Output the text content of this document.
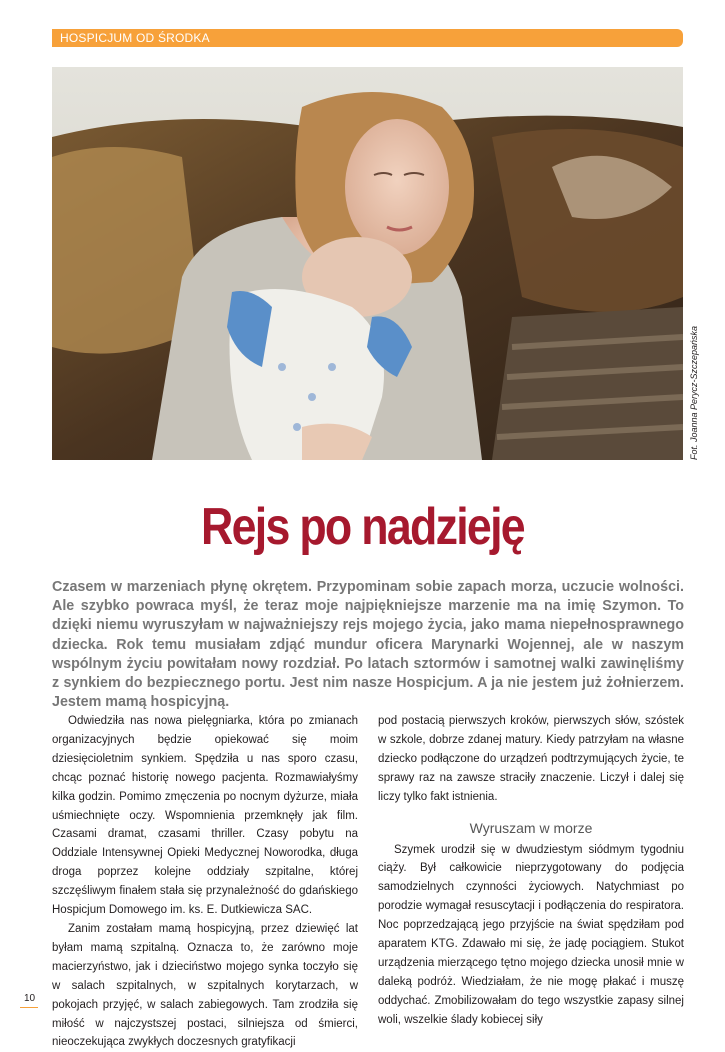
HOSPICJUM OD ŚRODKA
Fot. Joanna Perycz-Szczepańska
Rejs po nadzieję
Czasem w marzeniach płynę okrętem. Przypominam sobie zapach morza, uczucie wolności. Ale szybko powraca myśl, że teraz moje najpiękniejsze marzenie ma na imię Szymon. To dzięki niemu wyruszyłam w najważniejszy rejs mojego życia, jako mama niepełnosprawnego dziecka. Rok temu musiałam zdjąć mundur oficera Marynarki Wojennej, ale w naszym wspólnym życiu powitałam nowy rozdział. Po latach sztormów i samotnej walki zawinęliśmy z synkiem do bezpiecznego portu. Jest nim nasze Hospicjum. A ja nie jestem już żołnierzem. Jestem mamą hospicyjną.

Odwiedziła nas nowa pielęgniarka, która po zmianach organizacyjnych będzie opiekować się moim dziesięcioletnim synkiem. Spędziła u nas sporo czasu, chcąc poznać historię nowego pacjenta. Rozmawiałyśmy kilka godzin. Pomimo zmęczenia po nocnym dyżurze, miała uśmiechnięte oczy. Wspomnienia przemknęły jak film. Czasami dramat, czasami thriller. Czasy pobytu na Oddziale Intensywnej Opieki Medycznej Noworodka, długa droga poprzez kolejne oddziały szpitalne, której szczęśliwym finałem stała się przynależność do gdańskiego Hospicjum Domowego im. ks. E. Dutkiewicza SAC.

Zanim zostałam mamą hospicyjną, przez dziewięć lat byłam mamą szpitalną. Oznacza to, że zarówno moje macierzyństwo, jak i dzieciństwo mojego synka toczyło się w salach szpitalnych, w szpitalnych korytarzach, w pokojach przyjęć, w salach zabiegowych. Tam zrodziła się miłość w najczystszej postaci, silniejsza od śmierci, nieoczekująca zwykłych doczesnych gratyfikacji

pod postacią pierwszych kroków, pierwszych słów, szóstek w szkole, dobrze zdanej matury. Kiedy patrzyłam na własne dziecko podłączone do urządzeń podtrzymujących życie, te sprawy raz na zawsze straciły znaczenie. Liczył i dalej się liczy tylko fakt istnienia.

Wyruszam w morze

Szymek urodził się w dwudziestym siódmym tygodniu ciąży. Był całkowicie nieprzygotowany do podjęcia samodzielnych czynności życiowych. Natychmiast po porodzie wymagał resuscytacji i podłączenia do respiratora. Noc poprzedzającą jego przyjście na świat spędziłam pod aparatem KTG. Zdawało mi się, że jadę pociągiem. Stukot urządzenia mierzącego tętno mojego dziecka unosił mnie w daleką podróż. Wiedziałam, że nie mogę płakać i muszę oddychać. Zmobilizowałam do tego wszystkie zapasy silnej woli, wszelkie ślady kobiecej siły

10
